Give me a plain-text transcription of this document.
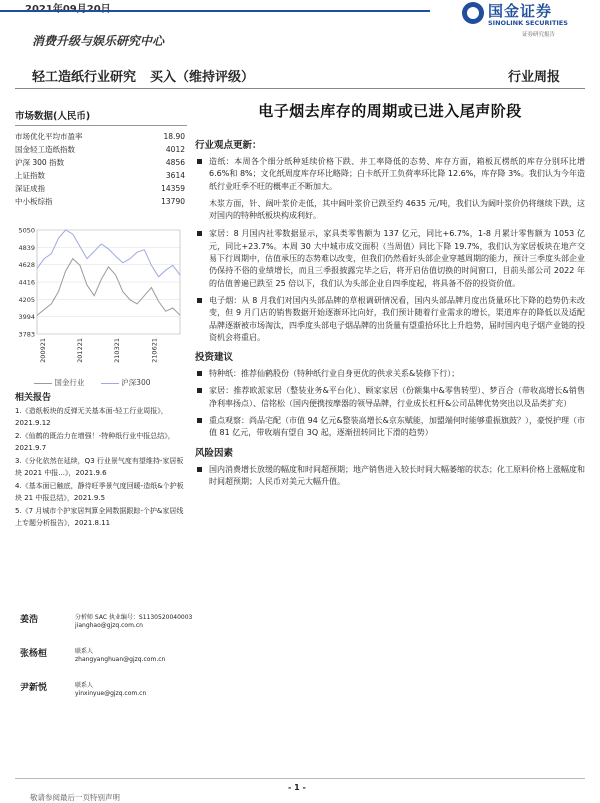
国金证券
SINOLINK SECURITIES
证券研究报告
消费升级与娱乐研究中心
轻工造纸行业研究 买入（维持评级）	行业周报
市场数据(人民币)
市场优化平均市盈率	18.90
国金轻工造纸指数	4012
沪深 300 指数	4856
上证指数	3614
深证成指	14359
中小板综指	13790
5050
4839
4628
4416
4205
3994
3783
200921	201221	210321	210621
国金行业	沪深300
相关报告
1.《造纸板块的反弹无关基本面-轻工行业周报》，2021.9.12
2.《仙鹤的既治力在增强！-特种纸行业中报总结》，2021.9.7
3.《分化依然在延续，Q3 行业景气度有望维持-家居板块 2021 中报...》，2021.9.6
4.《基本面已触底，静待旺季景气度回暖-造纸&个护板块 21 中报总结》，2021.9.5
5.《7 月城市个护家居判算全网数据跟踪-个护&家居线上专题分析报告》，2021.8.11
姜浩	分析师 SAC 执业编号：S1130520040003
jianghao@gjzq.com.cn
张杨桓	联系人
zhangyanghuan@gjzq.com.cn
尹新悦	联系人
yinxinyue@gjzq.com.cn
电子烟去库存的周期或已进入尾声阶段
行业观点更新：
造纸：本周各个细分纸种延续价格下跌、井工率降低的态势、库存方面，箱板瓦楞纸的库存分别环比增 6.6%和 8%；文化纸周度库存环比略降；白卡纸开工负荷率环比降 12.6%，库存降 3%。我们认为今年造纸行业旺季不旺的概率正不断加大。
木浆方面，针、阔叶浆价走低，其中阔叶浆价已跌至约 4635 元/吨，我们认为阔叶浆价仍将继续下跌，这对国内的特种纸板块构成利好。
家居：8 月国内社零数据显示，家具类零售额为 137 亿元，同比+6.7%，1-8 月累计零售额为 1053 亿元，同比+23.7%。本周 30 大中城市成交面积（当周值）同比下降 19.7%，我们认为家居板块在地产交易下行周期中，估值承压的态势难以改变，但我们仍然看好头部企业穿越周期的能力，预计三季度头部企业仍保持不俗的业绩增长，而且三季报披露完毕之后，将开启估值切换的时间窗口，目前头部公司 2022 年的估值普遍已跌至 25 倍以下，我们认为头部企业自四季度起，将具备不俗的投资价值。
电子烟：从 8 月我们对国内头部品牌的草根调研情况看，国内头部品牌月度出货量环比下降的趋势仍未改变，但 9 月门店的销售数据开始逐渐环比向好，我们预计随着行业需求的增长，渠道库存的降低以及适配品牌逐渐被市场淘汰，四季度头部电子烟品牌的出货量有望重拾环比上升趋势，届时国内电子烟产业链的投资机会将重启。
投资建议
特种纸：推荐仙鹤股份（特种纸行业自身更优的供求关系&装修下行）；
家居：推荐欧派家居（整装业务&平台化）、顾家家居（份额集中&零售转型）、梦百合（带收高增长&销售净利率扬点）、信铭松（国内便携按摩器的领导品牌，行业成长杠杆&公司品牌优势突出以及品类扩充）
重点观察：尚品宅配（市值 94 亿元&整装高增长&京东赋能，加盟端何时能够重振旗鼓？），豪悦护理（市值 81 亿元，带收端有望自 3Q 起，逐渐扭转同比下滑的趋势）
风险因素
国内消费增长放缓的幅度和时间超预期；地产销售进入较长时间大幅萎缩的状态；化工原料价格上涨幅度和时间超预期；人民币对美元大幅升值。
- 1 -
敬请参阅最后一页特别声明
